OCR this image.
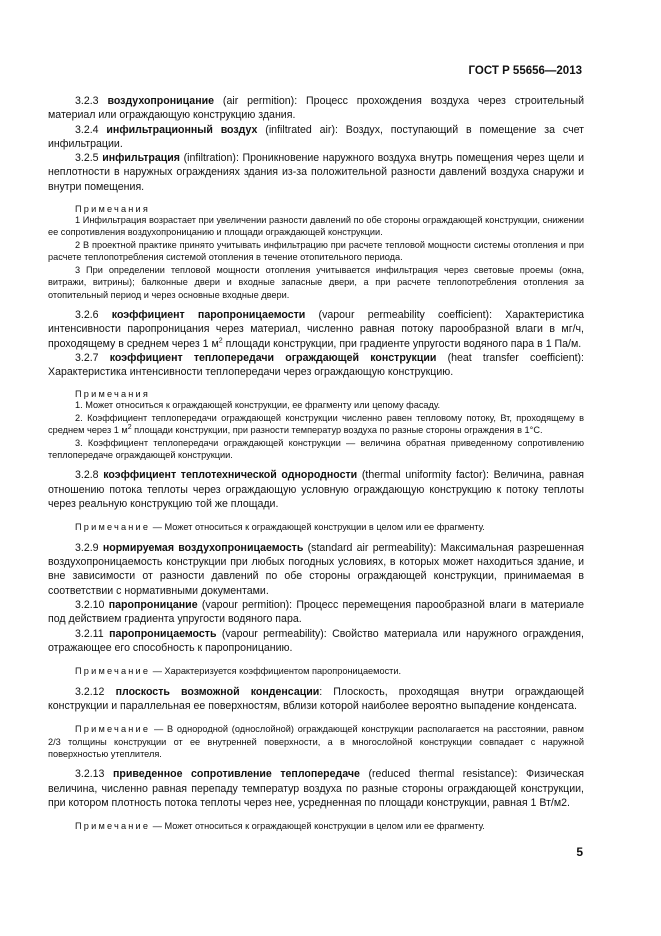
ГОСТ Р 55656—2013

3.2.3 воздухопроницание (air permition): Процесс прохождения воздуха через строительный материал или ограждающую конструкцию здания.

3.2.4 инфильтрационный воздух (infiltrated air): Воздух, поступающий в помещение за счет инфильтрации.

3.2.5 инфильтрация (infiltration): Проникновение наружного воздуха внутрь помещения через щели и неплотности в наружных ограждениях здания из-за положительной разности давлений воздуха снаружи и внутри помещения.

Примечания

1 Инфильтрация возрастает при увеличении разности давлений по обе стороны ограждающей конструкции, снижении ее сопротивления воздухопроницанию и площади ограждающей конструкции.

2 В проектной практике принято учитывать инфильтрацию при расчете тепловой мощности системы отопления и при расчете теплопотребления системой отопления в течение отопительного периода.

3 При определении тепловой мощности отопления учитывается инфильтрация через световые проемы (окна, витражи, витрины); балконные двери и входные запасные двери, а при расчете теплопотребления отопления за отопительный период и через основные входные двери.

3.2.6 коэффициент паропроницаемости (vapour permeability coefficient): Характеристика интенсивности паропроницания через материал, численно равная потоку парообразной влаги в мг/ч, проходящему в среднем через 1 $м^2$ площади конструкции, при градиенте упругости водяного пара в 1 Па/м.

3.2.7 коэффициент теплопередачи ограждающей конструкции (heat transfer coefficient): Характеристика интенсивности теплопередачи через ограждающую конструкцию.

Примечания

1. Может относиться к ограждающей конструкции, ее фрагменту или цепому фасаду.

2. Коэффициент теплопередачи ограждающей конструкции численно равен тепловому потоку, Вт, проходящему в среднем через 1 $м^2$ площади конструкции, при разности температур воздуха по разные стороны ограждения в 1°С.

3. Коэффициент теплопередачи ограждающей конструкции — величина обратная приведенному сопротивлению теплопередаче ограждающей конструкции.

3.2.8 коэффициент теплотехнической однородности (thermal uniformity factor): Величина, равная отношению потока теплоты через ограждающую условную ограждающую конструкцию к потоку теплоты через реальную конструкцию той же площади.

Примечание — Может относиться к ограждающей конструкции в целом или ее фрагменту.

3.2.9 нормируемая воздухопроницаемость (standard air permeability): Максимальная разрешенная воздухопроницаемость конструкции при любых погодных условиях, в которых может находиться здание, и вне зависимости от разности давлений по обе стороны ограждающей конструкции, принимаемая в соответствии с нормативными документами.

3.2.10 паропроницание (vapour permition): Процесс перемещения парообразной влаги в материале под действием градиента упругости водяного пара.

3.2.11 паропроницаемость (vapour permeability): Свойство материала или наружного ограждения, отражающее его способность к паропроницанию.

Примечание — Характеризуется коэффициентом паропроницаемости.

3.2.12 плоскость возможной конденсации: Плоскость, проходящая внутри ограждающей конструкции и параллельная ее поверхностям, вблизи которой наиболее вероятно выпадение конденсата.

Примечание — В однородной (однослойной) ограждающей конструкции располагается на расстоянии, равном 2/3 толщины конструкции от ее внутренней поверхности, а в многослойной конструкции совпадает с наружной поверхностью утеплителя.

3.2.13 приведенное сопротивление теплопередаче (reduced thermal resistance): Физическая величина, численно равная перепаду температур воздуха по разные стороны ограждающей конструкции, при котором плотность потока теплоты через нее, усредненная по площади конструкции, равная 1 Вт/м2.

Примечание — Может относиться к ограждающей конструкции в целом или ее фрагменту.

5
